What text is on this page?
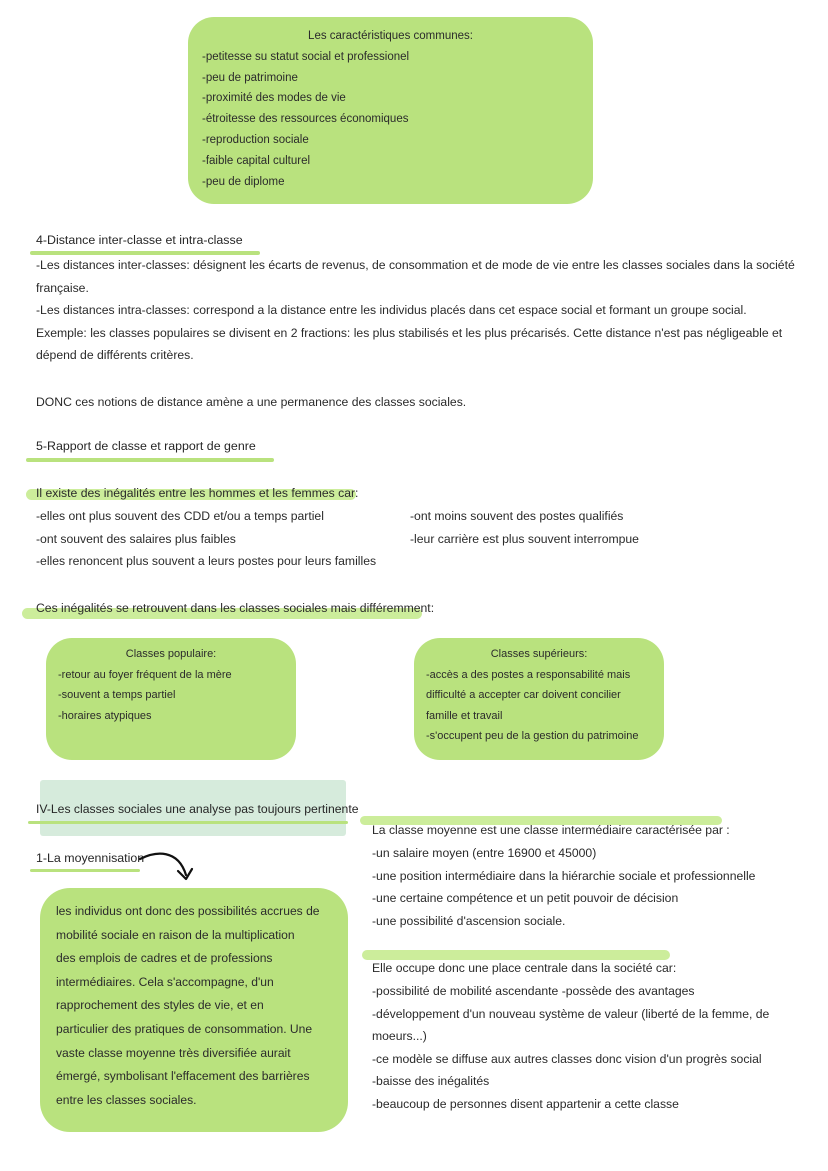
Les caractéristiques communes:
-petitesse su statut social et professionel
-peu de patrimoine
-proximité des modes de vie
-étroitesse des ressources économiques
-reproduction sociale
-faible capital culturel
-peu de diplome
4-Distance inter-classe et intra-classe
-Les distances inter-classes: désignent les écarts de revenus, de consommation et de mode de vie entre les classes sociales dans la société
française.
-Les distances intra-classes: correspond a la distance entre les individus placés dans cet espace social et formant un groupe social.
Exemple: les classes populaires se divisent en 2 fractions: les plus stabilisés et les plus précarisés. Cette distance n'est pas négligeable et
dépend de différents critères.
DONC ces notions de distance amène a une permanence des classes sociales.
5-Rapport de classe et rapport de genre
Il existe des inégalités entre les hommes et les femmes car:
-elles ont plus souvent des CDD et/ou a temps partiel
-ont souvent des salaires plus faibles
-elles renoncent plus souvent a leurs postes pour leurs familles
-ont moins souvent des postes qualifiés
-leur carrière est plus souvent interrompue
Ces inégalités se retrouvent dans les classes sociales mais différemment:
Classes populaire:
-retour au foyer fréquent de la mère
-souvent a temps partiel
-horaires atypiques
Classes supérieurs:
-accès a des postes a responsabilité mais
difficulté a accepter car doivent concilier
famille et travail
-s'occupent peu de la gestion du patrimoine
IV-Les classes sociales une analyse pas toujours pertinente
1-La moyennisation
les individus ont donc des possibilités accrues de
mobilité sociale en raison de la multiplication
des emplois de cadres et de professions
intermédiaires. Cela s'accompagne, d'un
rapprochement des styles de vie, et en
particulier des pratiques de consommation. Une
vaste classe moyenne très diversifiée aurait
émergé, symbolisant l'effacement des barrières
entre les classes sociales.
La classe moyenne est une classe intermédiaire caractérisée par :
-un salaire moyen (entre 16900 et 45000)
-une position intermédiaire dans la hiérarchie sociale et professionnelle
-une certaine compétence et un petit pouvoir de décision
-une possibilité d'ascension sociale.
Elle occupe donc une place centrale dans la société car:
-possibilité de mobilité ascendante -possède des avantages
-développement d'un nouveau système de valeur (liberté de la femme, de
moeurs...)
-ce modèle se diffuse aux autres classes donc vision d'un progrès social
-baisse des inégalités
-beaucoup de personnes disent appartenir a cette classe
